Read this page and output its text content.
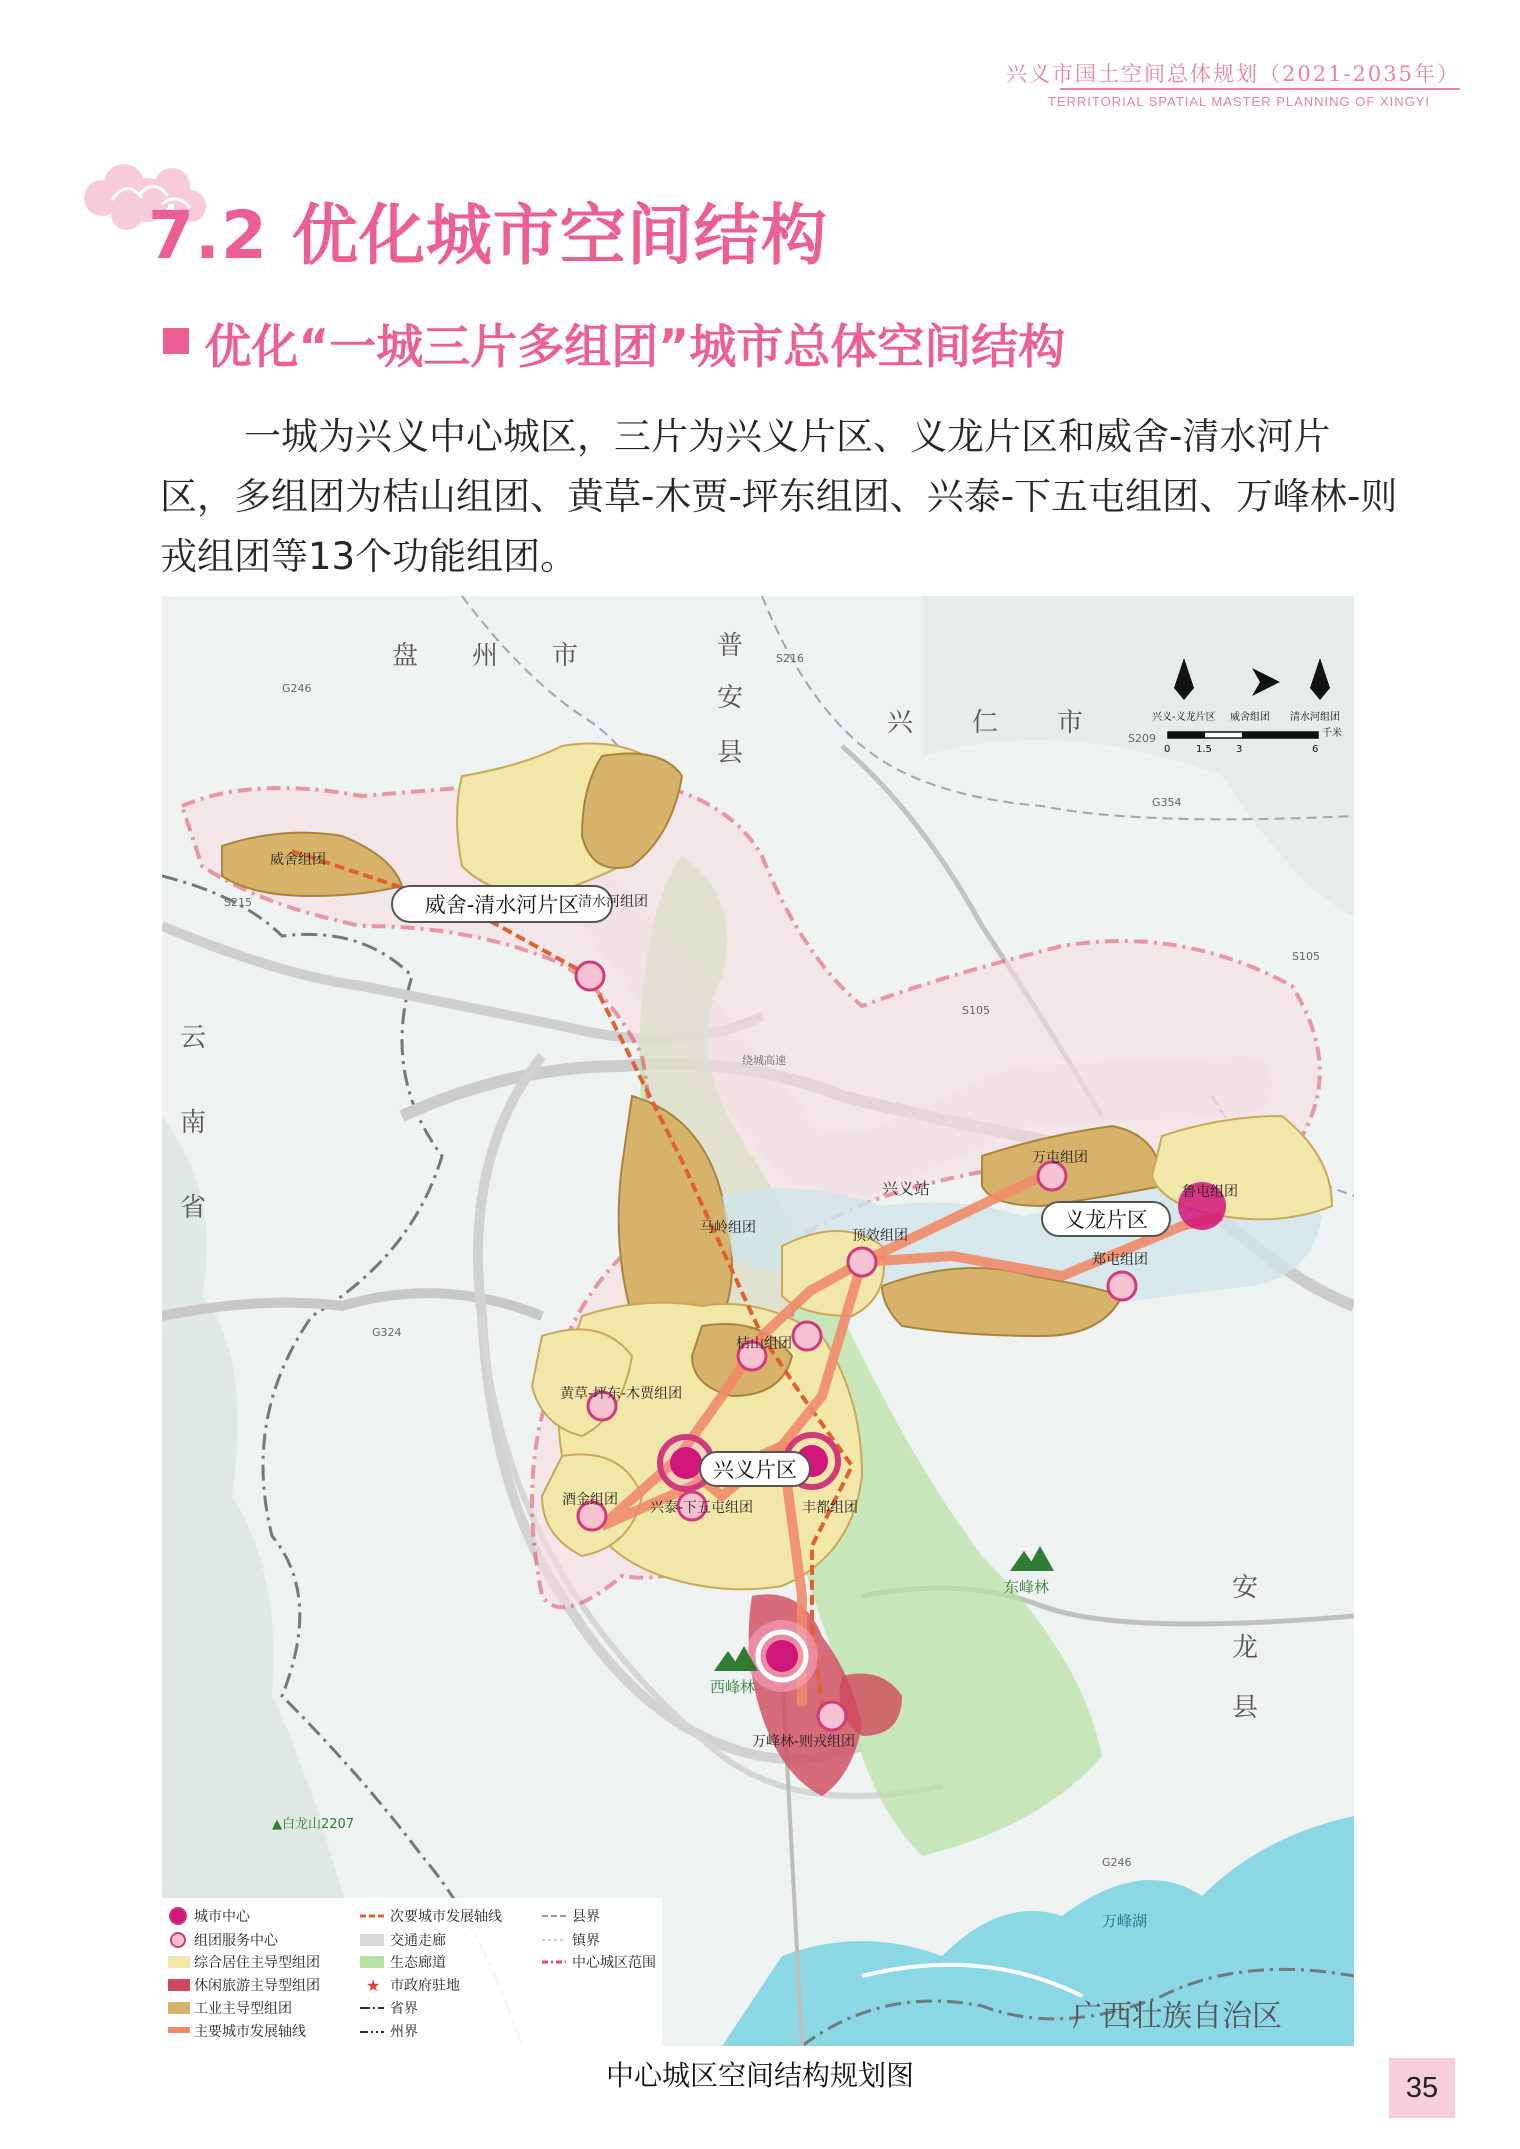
兴义市国土空间总体规划（2021-2035年）
TERRITORIAL SPATIAL MASTER PLANNING OF XINGYI
7.2 优化城市空间结构
优化“一城三片多组团”城市总体空间结构
一城为兴义中心城区，三片为兴义片区、义龙片区和威舍-清水河片区，多组团为桔山组团、黄草-木贾-坪东组团、兴泰-下五屯组团、万峰林-则戎组团等13个功能组团。
盘 州 市	普
安
县
兴 仁 市
云
南
省
安
龙
县
广西壮族自治区
威舍-清水河片区
义龙片区
兴义片区
威舍组团
清水河组团
马岭组团
万屯组团
顶效组团
鲁屯组团
郑屯组团
桔山组团
黄草-坪东-木贾组团
酒金组团 兴泰-下五屯组团	丰都组团
万峰林-则戎组团
兴义站
东峰林
西峰林
万峰湖
▲白龙山2207
S216
S209
G354
S105
G324
G246
S215
G246
S105
绕城高速
兴义-义龙片区 威舍组团 清水河组团
0	1.5 3	6
千米
城市中心
组团服务中心
综合居住主导型组团
休闲旅游主导型组团
工业主导型组团
主要城市发展轴线
次要城市发展轴线
交通走廊
生态廊道
★ 市政府驻地
省界
州界
县界
镇界
中心城区范围
中心城区空间结构规划图	35
